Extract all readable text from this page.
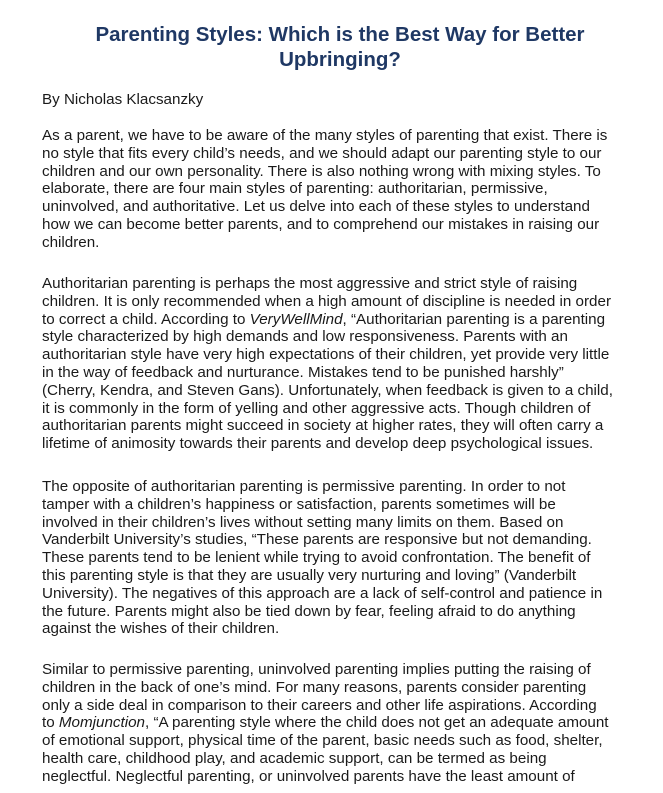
Parenting Styles: Which is the Best Way for Better
Upbringing?

By Nicholas Klacsanzky

As a parent, we have to be aware of the many styles of parenting that exist. There is
no style that fits every child’s needs, and we should adapt our parenting style to our
children and our own personality. There is also nothing wrong with mixing styles. To
elaborate, there are four main styles of parenting: authoritarian, permissive,
uninvolved, and authoritative. Let us delve into each of these styles to understand
how we can become better parents, and to comprehend our mistakes in raising our
children.

Authoritarian parenting is perhaps the most aggressive and strict style of raising
children. It is only recommended when a high amount of discipline is needed in order
to correct a child. According to VeryWellMind, “Authoritarian parenting is a parenting
style characterized by high demands and low responsiveness. Parents with an
authoritarian style have very high expectations of their children, yet provide very little
in the way of feedback and nurturance. Mistakes tend to be punished harshly”
(Cherry, Kendra, and Steven Gans). Unfortunately, when feedback is given to a child,
it is commonly in the form of yelling and other aggressive acts. Though children of
authoritarian parents might succeed in society at higher rates, they will often carry a
lifetime of animosity towards their parents and develop deep psychological issues.

The opposite of authoritarian parenting is permissive parenting. In order to not
tamper with a children’s happiness or satisfaction, parents sometimes will be
involved in their children’s lives without setting many limits on them. Based on
Vanderbilt University’s studies, “These parents are responsive but not demanding.
These parents tend to be lenient while trying to avoid confrontation. The benefit of
this parenting style is that they are usually very nurturing and loving” (Vanderbilt
University). The negatives of this approach are a lack of self-control and patience in
the future. Parents might also be tied down by fear, feeling afraid to do anything
against the wishes of their children.

Similar to permissive parenting, uninvolved parenting implies putting the raising of
children in the back of one’s mind. For many reasons, parents consider parenting
only a side deal in comparison to their careers and other life aspirations. According
to Momjunction, “A parenting style where the child does not get an adequate amount
of emotional support, physical time of the parent, basic needs such as food, shelter,
health care, childhood play, and academic support, can be termed as being
neglectful. Neglectful parenting, or uninvolved parents have the least amount of
